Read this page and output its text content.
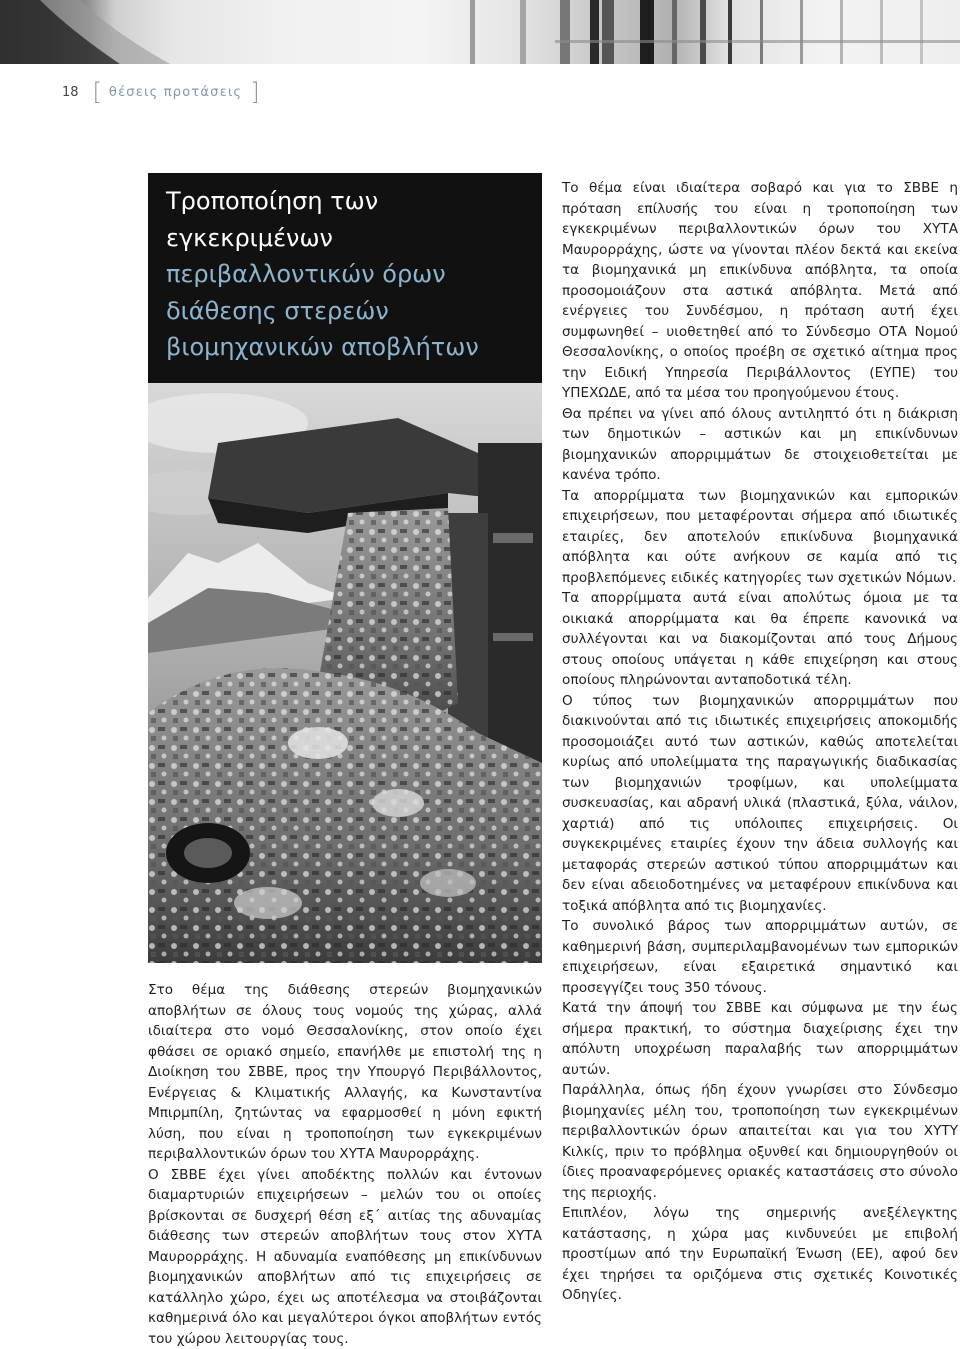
18 [ θέσεις προτάσεις ]
Τροποποίηση των
εγκεκριμένων
περιβαλλοντικών όρων
διάθεσης στερεών
βιομηχανικών αποβλήτων

Στο θέμα της διάθεσης στερεών βιομηχανικών αποβλήτων σε όλους τους νομούς της χώρας, αλλά ιδιαίτερα στο νομό Θεσσαλονίκης, στον οποίο έχει φθάσει σε οριακό σημείο, επανήλθε με επιστολή της η Διοίκηση του ΣΒΒΕ, προς την Υπουργό Περιβάλλοντος, Ενέργειας & Κλιματικής Αλλαγής, κα Κωνσταντίνα Μπιρμπίλη, ζητώντας να εφαρμοσθεί η μόνη εφικτή λύση, που είναι η τροποποίηση των εγκεκριμένων περιβαλλοντικών όρων του ΧΥΤΑ Μαυρορράχης.

Ο ΣΒΒΕ έχει γίνει αποδέκτης πολλών και έντονων διαμαρτυριών επιχειρήσεων – μελών του οι οποίες βρίσκονται σε δυσχερή θέση εξ΄ αιτίας της αδυναμίας διάθεσης των στερεών αποβλήτων τους στον ΧΥΤΑ Μαυρορράχης. Η αδυναμία εναπόθεσης μη επικίνδυνων βιομηχανικών αποβλήτων από τις επιχειρήσεις σε κατάλληλο χώρο, έχει ως αποτέλεσμα να στοιβάζονται καθημερινά όλο και μεγαλύτεροι όγκοι αποβλήτων εντός του χώρου λειτουργίας τους.

Το θέμα είναι ιδιαίτερα σοβαρό και για το ΣΒΒΕ η πρόταση επίλυσής του είναι η τροποποίηση των εγκεκριμένων περιβαλλοντικών όρων του ΧΥΤΑ Μαυρορράχης, ώστε να γίνονται πλέον δεκτά και εκείνα τα βιομηχανικά μη επικίνδυνα απόβλητα, τα οποία προσομοιάζουν στα αστικά απόβλητα. Μετά από ενέργειες του Συνδέσμου, η πρόταση αυτή έχει συμφωνηθεί – υιοθετηθεί από το Σύνδεσμο ΟΤΑ Νομού Θεσσαλονίκης, ο οποίος προέβη σε σχετικό αίτημα προς την Ειδική Υπηρεσία Περιβάλλοντος (ΕΥΠΕ) του ΥΠΕΧΩΔΕ, από τα μέσα του προηγούμενου έτους.

Θα πρέπει να γίνει από όλους αντιληπτό ότι η διάκριση των δημοτικών – αστικών και μη επικίνδυνων βιομηχανικών απορριμμάτων δε στοιχειοθετείται με κανένα τρόπο.

Τα απορρίμματα των βιομηχανικών και εμπορικών επιχειρήσεων, που μεταφέρονται σήμερα από ιδιωτικές εταιρίες, δεν αποτελούν επικίνδυνα βιομηχανικά απόβλητα και ούτε ανήκουν σε καμία από τις προβλεπόμενες ειδικές κατηγορίες των σχετικών Νόμων.

Τα απορρίμματα αυτά είναι απολύτως όμοια με τα οικιακά απορρίμματα και θα έπρεπε κανονικά να συλλέγονται και να διακομίζονται από τους Δήμους στους οποίους υπάγεται η κάθε επιχείρηση και στους οποίους πληρώνονται ανταποδοτικά τέλη.

Ο τύπος των βιομηχανικών απορριμμάτων που διακινούνται από τις ιδιωτικές επιχειρήσεις αποκομιδής προσομοιάζει αυτό των αστικών, καθώς αποτελείται κυρίως από υπολείμματα της παραγωγικής διαδικασίας των βιομηχανιών τροφίμων, και υπολείμματα συσκευασίας, και αδρανή υλικά (πλαστικά, ξύλα, νάιλον, χαρτιά) από τις υπόλοιπες επιχειρήσεις. Οι συγκεκριμένες εταιρίες έχουν την άδεια συλλογής και μεταφοράς στερεών αστικού τύπου απορριμμάτων και δεν είναι αδειοδοτημένες να μεταφέρουν επικίνδυνα και τοξικά απόβλητα από τις βιομηχανίες.

Το συνολικό βάρος των απορριμμάτων αυτών, σε καθημερινή βάση, συμπεριλαμβανομένων των εμπορικών επιχειρήσεων, είναι εξαιρετικά σημαντικό και προσεγγίζει τους 350 τόνους.

Κατά την άποψή του ΣΒΒΕ και σύμφωνα με την έως σήμερα πρακτική, το σύστημα διαχείρισης έχει την απόλυτη υποχρέωση παραλαβής των απορριμμάτων αυτών.

Παράλληλα, όπως ήδη έχουν γνωρίσει στο Σύνδεσμο βιομηχανίες μέλη του, τροποποίηση των εγκεκριμένων περιβαλλοντικών όρων απαιτείται και για του ΧΥΤΥ Κιλκίς, πριν το πρόβλημα οξυνθεί και δημιουργηθούν οι ίδιες προαναφερόμενες οριακές καταστάσεις στο σύνολο της περιοχής.

Επιπλέον, λόγω της σημερινής ανεξέλεγκτης κατάστασης, η χώρα μας κινδυνεύει με επιβολή προστίμων από την Ευρωπαϊκή Ένωση (ΕΕ), αφού δεν έχει τηρήσει τα οριζόμενα στις σχετικές Κοινοτικές Οδηγίες.
